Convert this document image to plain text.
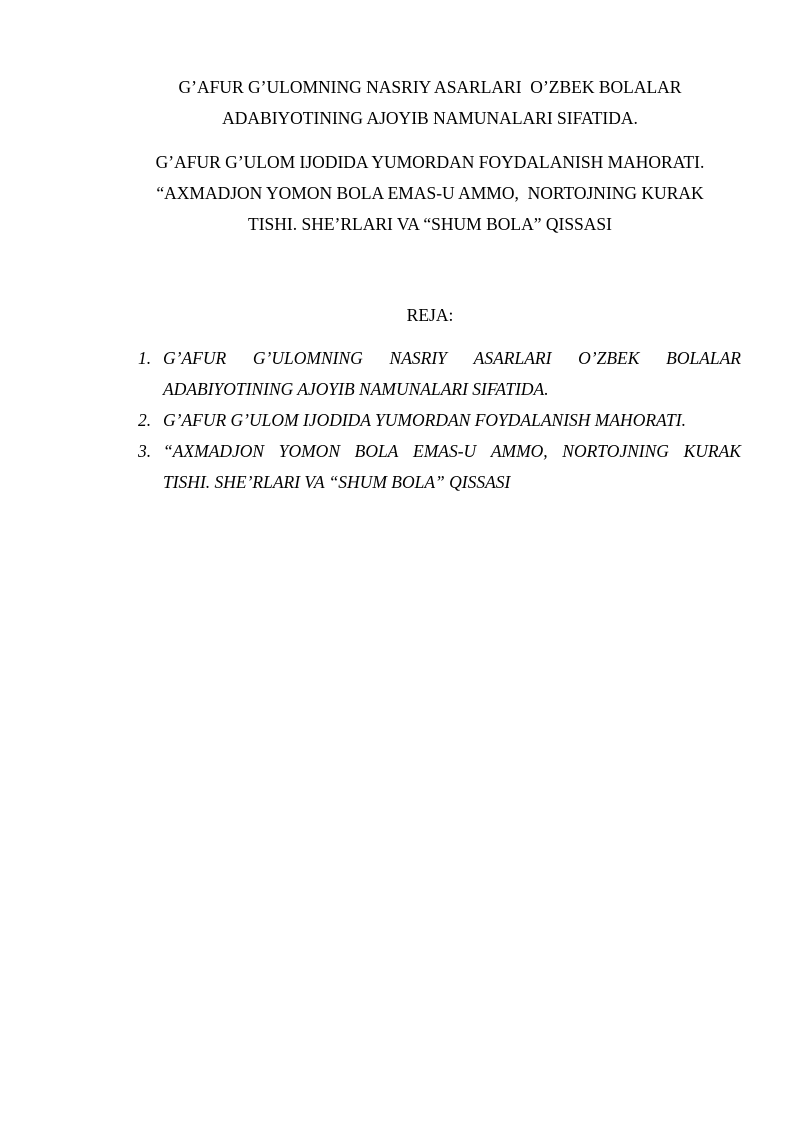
G’AFUR G’ULOMNING NASRIY ASARLARI  O’ZBEK BOLALAR
ADABIYOTINING AJOYIB NAMUNALARI SIFATIDA.
G’AFUR G’ULOM IJODIDA YUMORDAN FOYDALANISH MAHORATI.
“AXMADJON YOMON BOLA EMAS-U AMMO,  NORTOJNING KURAK
TISHI. SHE’RLARI VA “SHUM BOLA” QISSASI
REJA:
1. G’AFUR G’ULOMNING NASRIY ASARLARI O’ZBEK BOLALAR
ADABIYOTINING AJOYIB NAMUNALARI SIFATIDA.
2. G’AFUR G’ULOM IJODIDA YUMORDAN FOYDALANISH MAHORATI.
3. “AXMADJON YOMON BOLA EMAS-U AMMO, NORTOJNING KURAK
TISHI. SHE’RLARI VA “SHUM BOLA” QISSASI
